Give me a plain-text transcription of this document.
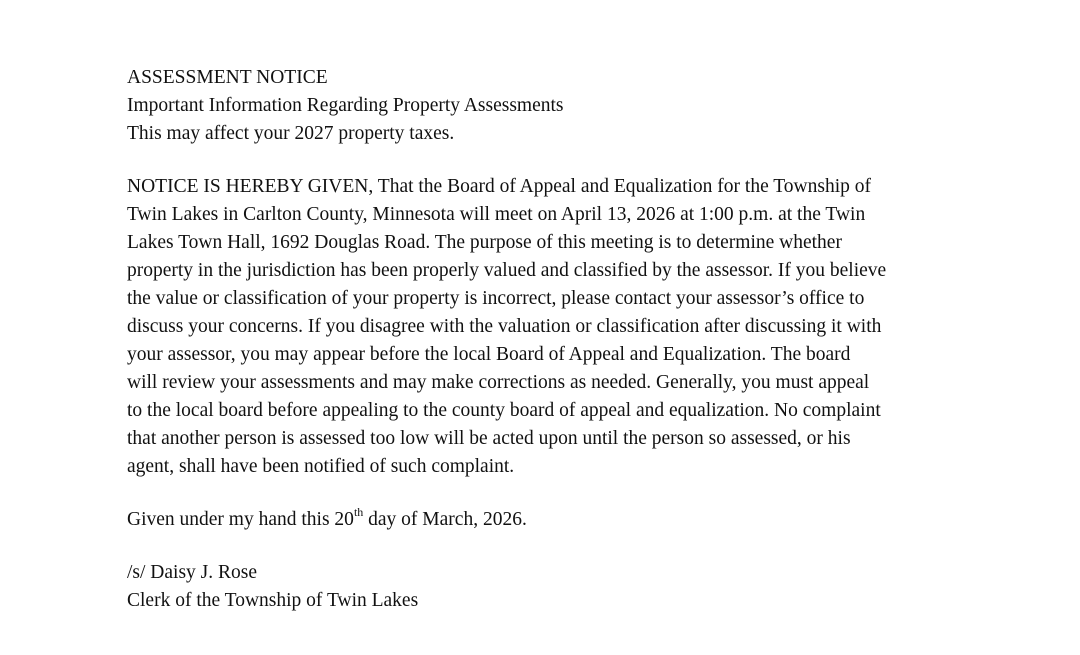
ASSESSMENT NOTICE
Important Information Regarding Property Assessments
This may affect your 2027 property taxes.
NOTICE IS HEREBY GIVEN, That the Board of Appeal and Equalization for the Township of
Twin Lakes in Carlton County, Minnesota will meet on April 13, 2026 at 1:00 p.m. at the Twin
Lakes Town Hall, 1692 Douglas Road. The purpose of this meeting is to determine whether
property in the jurisdiction has been properly valued and classified by the assessor. If you believe
the value or classification of your property is incorrect, please contact your assessor’s office to
discuss your concerns. If you disagree with the valuation or classification after discussing it with
your assessor, you may appear before the local Board of Appeal and Equalization. The board
will review your assessments and may make corrections as needed. Generally, you must appeal
to the local board before appealing to the county board of appeal and equalization. No complaint
that another person is assessed too low will be acted upon until the person so assessed, or his
agent, shall have been notified of such complaint.
Given under my hand this 20th day of March, 2026.
/s/ Daisy J. Rose
Clerk of the Township of Twin Lakes
